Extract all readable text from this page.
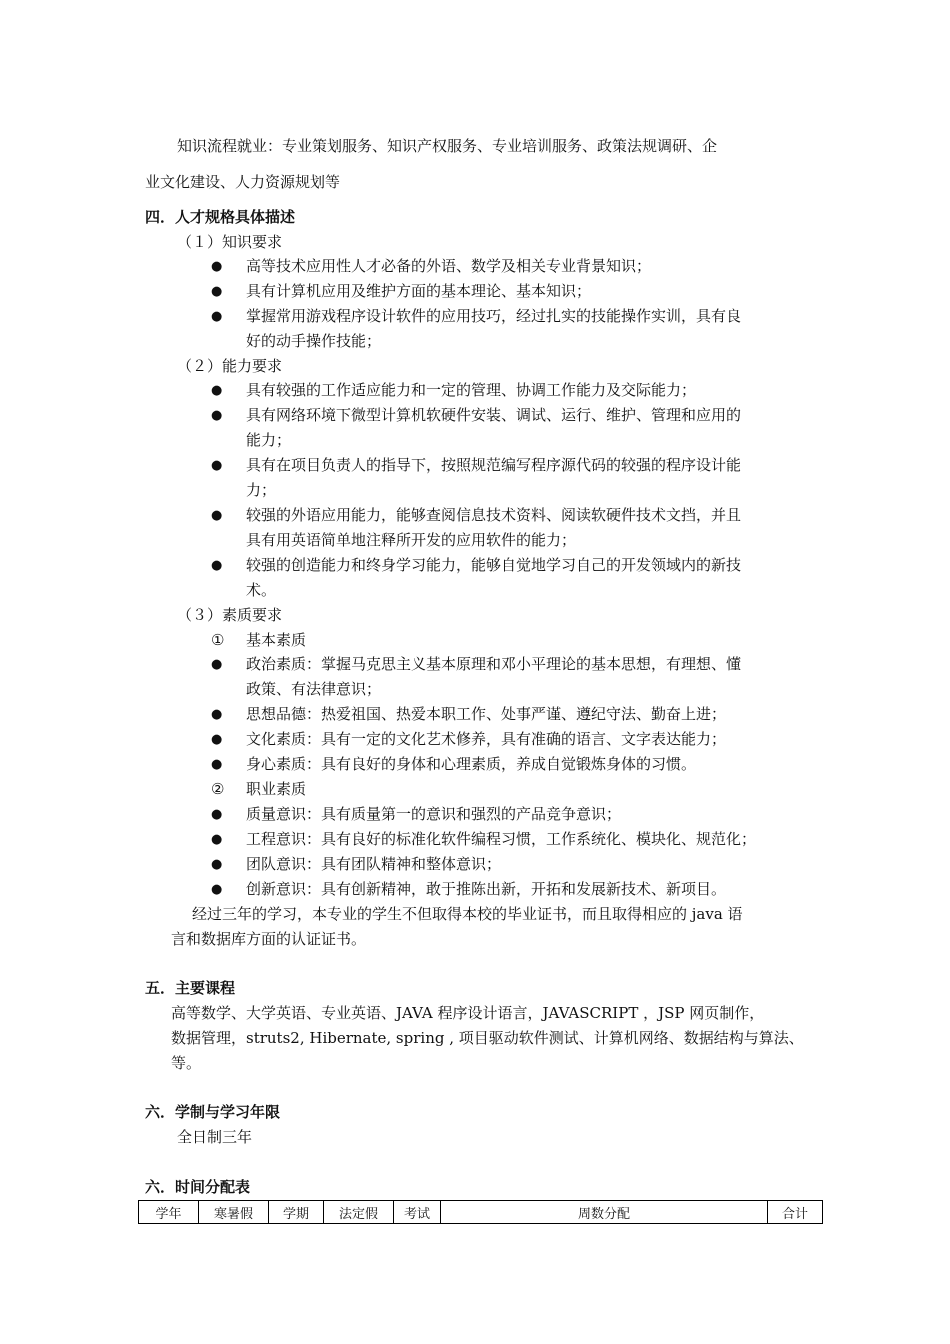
知识流程就业：专业策划服务、知识产权服务、专业培训服务、政策法规调研、企
业文化建设、人力资源规划等
四．人才规格具体描述
（１）知识要求
● 高等技术应用性人才必备的外语、数学及相关专业背景知识；
● 具有计算机应用及维护方面的基本理论、基本知识；
● 掌握常用游戏程序设计软件的应用技巧，经过扎实的技能操作实训，具有良
好的动手操作技能；
（２）能力要求
● 具有较强的工作适应能力和一定的管理、协调工作能力及交际能力；
● 具有网络环境下微型计算机软硬件安装、调试、运行、维护、管理和应用的
能力；
● 具有在项目负责人的指导下，按照规范编写程序源代码的较强的程序设计能
力；
● 较强的外语应用能力，能够查阅信息技术资料、阅读软硬件技术文挡，并且
具有用英语简单地注释所开发的应用软件的能力；
● 较强的创造能力和终身学习能力，能够自觉地学习自己的开发领域内的新技
术。
（３）素质要求
① 基本素质
● 政治素质：掌握马克思主义基本原理和邓小平理论的基本思想，有理想、懂
政策、有法律意识；
● 思想品德：热爱祖国、热爱本职工作、处事严谨、遵纪守法、勤奋上进；
● 文化素质：具有一定的文化艺术修养，具有准确的语言、文字表达能力；
● 身心素质：具有良好的身体和心理素质，养成自觉锻炼身体的习惯。
② 职业素质
● 质量意识：具有质量第一的意识和强烈的产品竞争意识；
● 工程意识：具有良好的标准化软件编程习惯，工作系统化、模块化、规范化；
● 团队意识：具有团队精神和整体意识；
● 创新意识：具有创新精神，敢于推陈出新，开拓和发展新技术、新项目。
经过三年的学习，本专业的学生不但取得本校的毕业证书，而且取得相应的 java 语
言和数据库方面的认证证书。
五．主要课程
高等数学、大学英语、专业英语、JAVA 程序设计语言，JAVASCRIPT ，JSP 网页制作，
数据管理，struts2, Hibernate, spring , 项目驱动软件测试、计算机网络、数据结构与算法、
等。
六．学制与学习年限
全日制三年
六．时间分配表
学年	寒暑假	学期	法定假	考试	周数分配	合计
